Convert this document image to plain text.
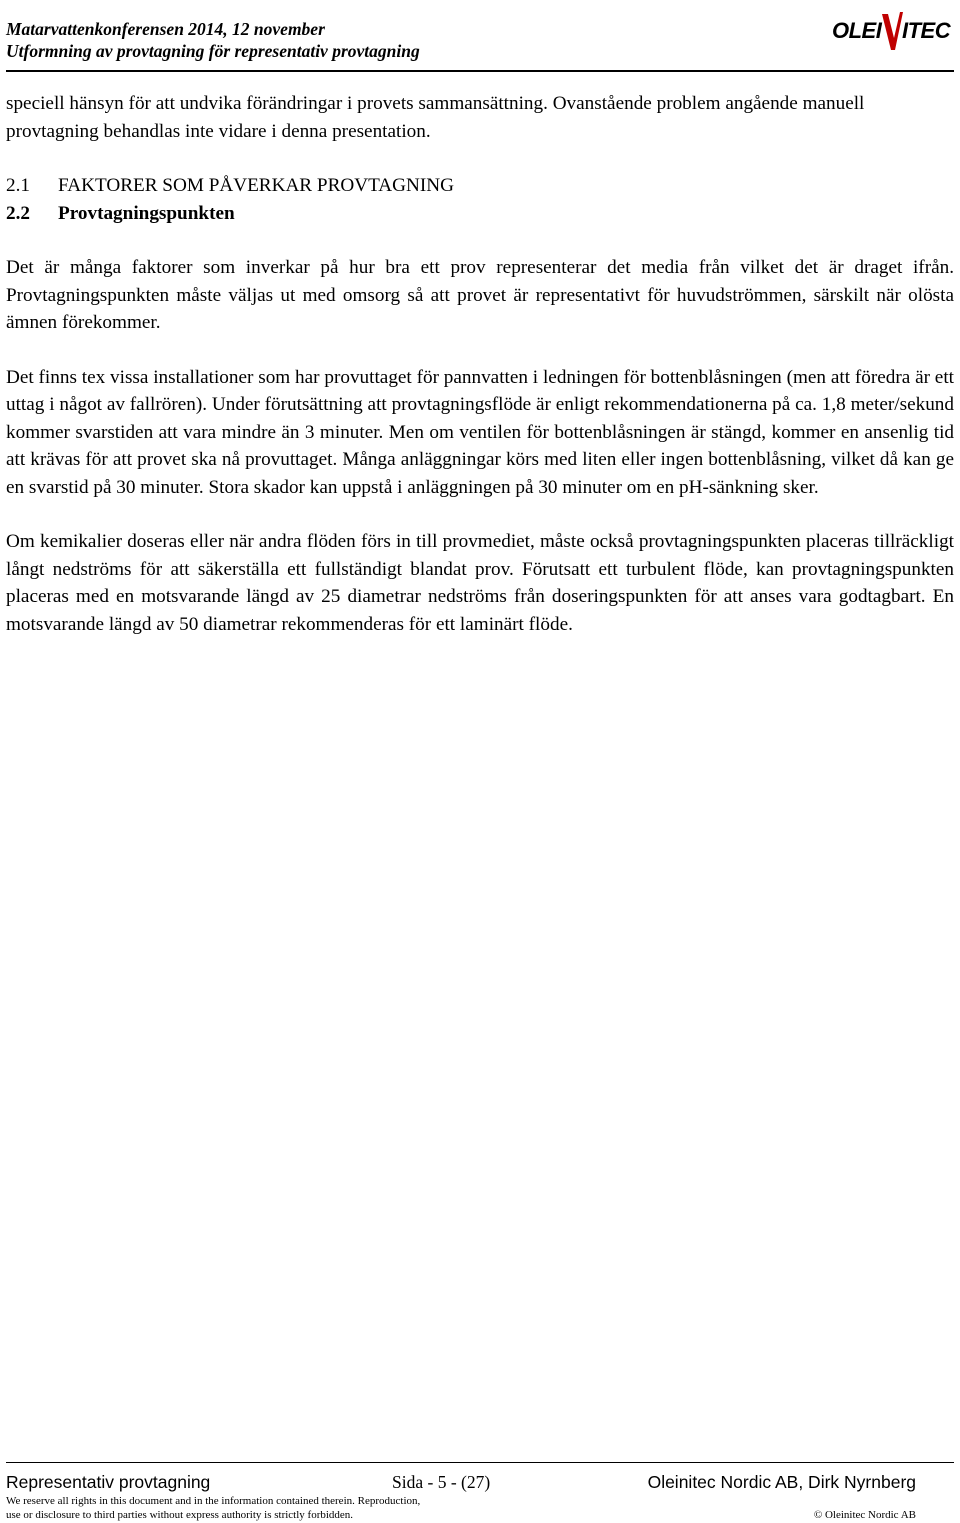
Matarvattenkonferensen 2014, 12 november
Utformning av provtagning för representativ provtagning
OLEI ITEC

speciell hänsyn för att undvika förändringar i provets sammansättning. Ovanstående problem angående manuell provtagning behandlas inte vidare i denna presentation.

2.1 FAKTORER SOM PÅVERKAR PROVTAGNING

2.2 Provtagningspunkten

Det är många faktorer som inverkar på hur bra ett prov representerar det media från vilket det är draget ifrån. Provtagningspunkten måste väljas ut med omsorg så att provet är representativt för huvudströmmen, särskilt när olösta ämnen förekommer.

Det finns tex vissa installationer som har provuttaget för pannvatten i ledningen för bottenblåsningen (men att föredra är ett uttag i något av fallrören). Under förutsättning att provtagningsflöde är enligt rekommendationerna på ca. 1,8 meter/sekund kommer svarstiden att vara mindre än 3 minuter. Men om ventilen för bottenblåsningen är stängd, kommer en ansenlig tid att krävas för att provet ska nå provuttaget. Många anläggningar körs med liten eller ingen bottenblåsning, vilket då kan ge en svarstid på 30 minuter. Stora skador kan uppstå i anläggningen på 30 minuter om en pH-sänkning sker.

Om kemikalier doseras eller när andra flöden förs in till provmediet, måste också provtagningspunkten placeras tillräckligt långt nedströms för att säkerställa ett fullständigt blandat prov. Förutsatt ett turbulent flöde, kan provtagningspunkten placeras med en motsvarande längd av 25 diametrar nedströms från doseringspunkten för att anses vara godtagbart. En motsvarande längd av 50 diametrar rekommenderas för ett laminärt flöde.

Representativ provtagning	Sida - 5 - (27)	Oleinitec Nordic AB, Dirk Nyrnberg
We reserve all rights in this document and in the information contained therein. Reproduction,
use or disclosure to third parties without express authority is strictly forbidden.	© Oleinitec Nordic AB
